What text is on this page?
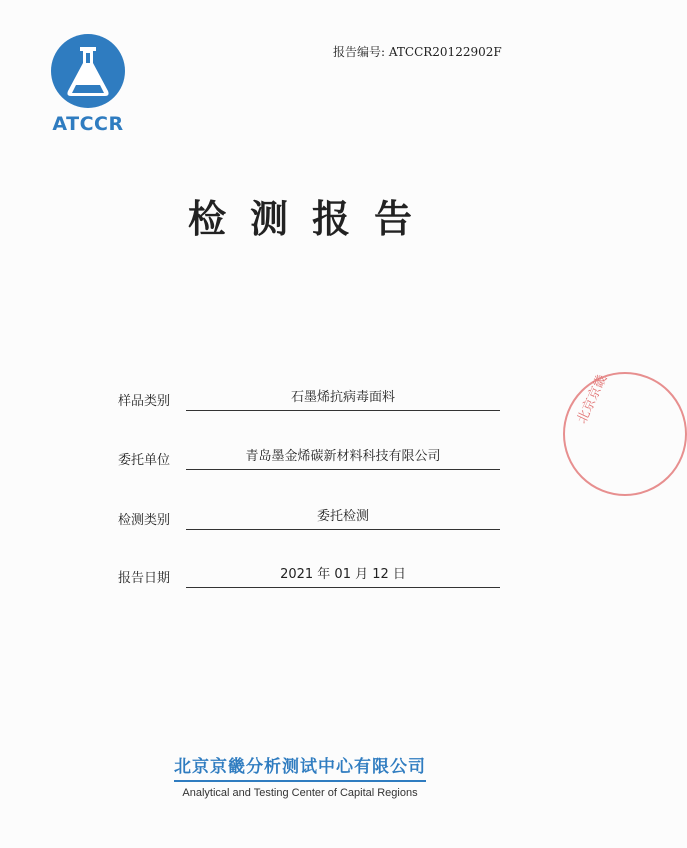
ATCCR
报告编号: ATCCR20122902F
检测报告
样品类别	石墨烯抗病毒面料
委托单位	青岛墨金烯碳新材料科技有限公司
检测类别	委托检测
报告日期	2021 年 01 月 12 日
北京京畿
北京京畿分析测试中心有限公司
Analytical and Testing Center of Capital Regions
